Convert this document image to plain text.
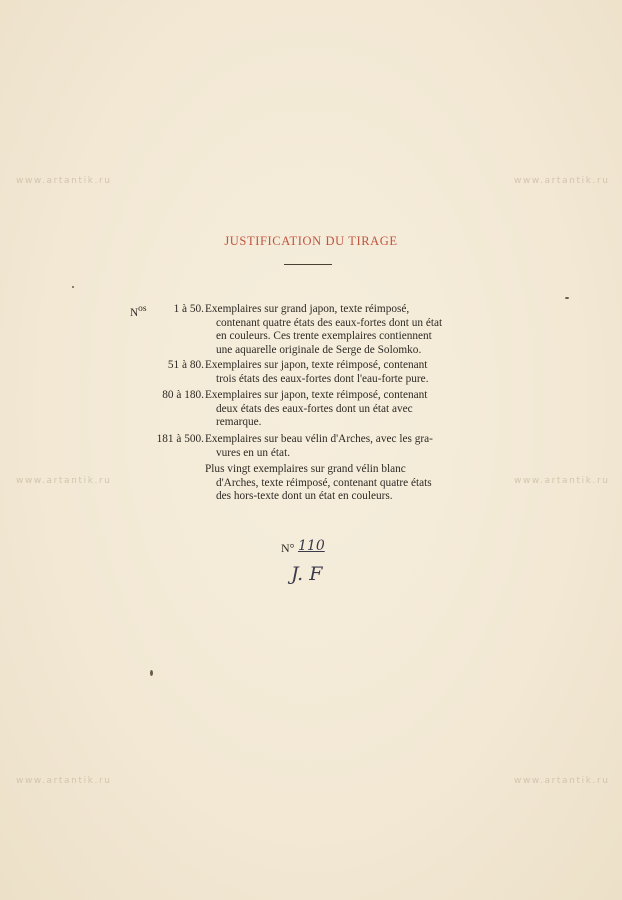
www.artantik.ru	www.artantik.ru
www.artantik.ru	www.artantik.ru
www.artantik.ru	www.artantik.ru
JUSTIFICATION DU TIRAGE
$N^{os}$ 1 à 50. Exemplaires sur grand japon, texte réimposé,
contenant quatre états des eaux-fortes dont un état
en couleurs. Ces trente exemplaires contiennent
une aquarelle originale de Serge de Solomko.
51 à 80. Exemplaires sur japon, texte réimposé, contenant
trois états des eaux-fortes dont l'eau-forte pure.
80 à 180. Exemplaires sur japon, texte réimposé, contenant
deux états des eaux-fortes dont un état avec
remarque.
181 à 500. Exemplaires sur beau vélin d'Arches, avec les gra-
vures en un état.
Plus vingt exemplaires sur grand vélin blanc
d'Arches, texte réimposé, contenant quatre états
des hors-texte dont un état en couleurs.
N° 110
J. F
